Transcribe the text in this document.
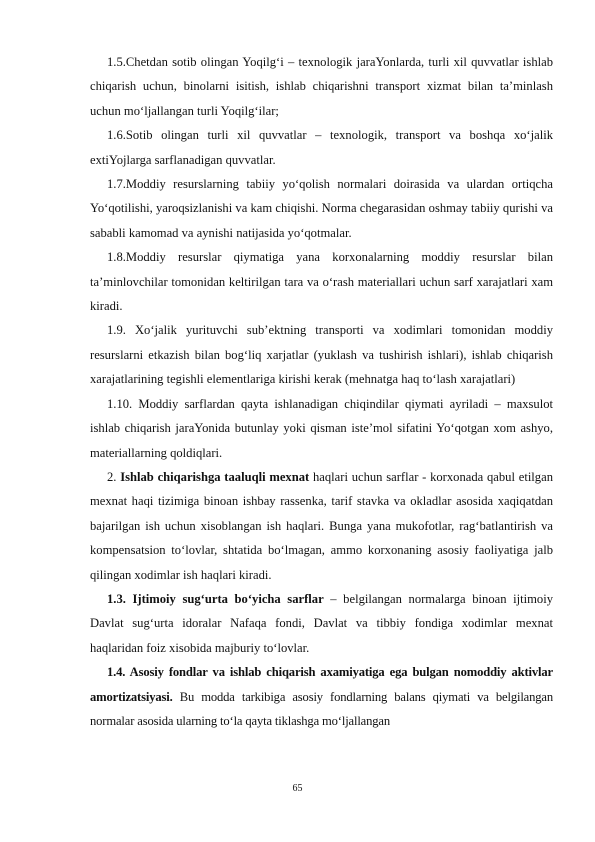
1.5.Chetdan sotib olingan Yoqilg‘i – texnologik jaraYonlarda, turli xil quvvatlar ishlab chiqarish uchun, binolarni isitish, ishlab chiqarishni transport xizmat bilan ta’minlash uchun mo‘ljallangan turli Yoqilg‘ilar;

1.6.Sotib olingan turli xil quvvatlar – texnologik, transport va boshqa xo‘jalik extiYojlarga sarflanadigan quvvatlar.

1.7.Moddiy resurslarning tabiiy yo‘qolish normalari doirasida va ulardan ortiqcha Yo‘qotilishi, yaroqsizlanishi va kam chiqishi. Norma chegarasidan oshmay tabiiy qurishi va sababli kamomad va aynishi natijasida yo‘qotmalar.

1.8.Moddiy resurslar qiymatiga yana korxonalarning moddiy resurslar bilan ta’minlovchilar tomonidan keltirilgan tara va o‘rash materiallari uchun sarf xarajatlari xam kiradi.

1.9. Xo‘jalik yurituvchi sub’ektning transporti va xodimlari tomonidan moddiy resurslarni etkazish bilan bog‘liq xarjatlar (yuklash va tushirish ishlari), ishlab chiqarish xarajatlarining tegishli elementlariga kirishi kerak (mehnatga haq to‘lash xarajatlari)

1.10. Moddiy sarflardan qayta ishlanadigan chiqindilar qiymati ayriladi – maxsulot ishlab chiqarish jaraYonida butunlay yoki qisman iste’mol sifatini Yo‘qotgan xom ashyo, materiallarning qoldiqlari.

2. Ishlab chiqarishga taaluqli mexnat haqlari uchun sarflar - korxonada qabul etilgan mexnat haqi tizimiga binoan ishbay rassenka, tarif stavka va okladlar asosida xaqiqatdan bajarilgan ish uchun xisoblangan ish haqlari. Bunga yana mukofotlar, rag‘batlantirish va kompensatsion to‘lovlar, shtatida bo‘lmagan, ammo korxonaning asosiy faoliyatiga jalb qilingan xodimlar ish haqlari kiradi.

1.3. Ijtimoiy sug‘urta bo‘yicha sarflar – belgilangan normalarga binoan ijtimoiy Davlat sug‘urta idoralar Nafaqa fondi, Davlat va tibbiy fondiga xodimlar mexnat haqlaridan foiz xisobida majburiy to‘lovlar.

1.4. Asosiy fondlar va ishlab chiqarish axamiyatiga ega bulgan nomoddiy aktivlar amortizatsiyasi. Bu modda tarkibiga asosiy fondlarning balans qiymati va belgilangan normalar asosida ularning to‘la qayta tiklashga mo‘ljallangan

65
